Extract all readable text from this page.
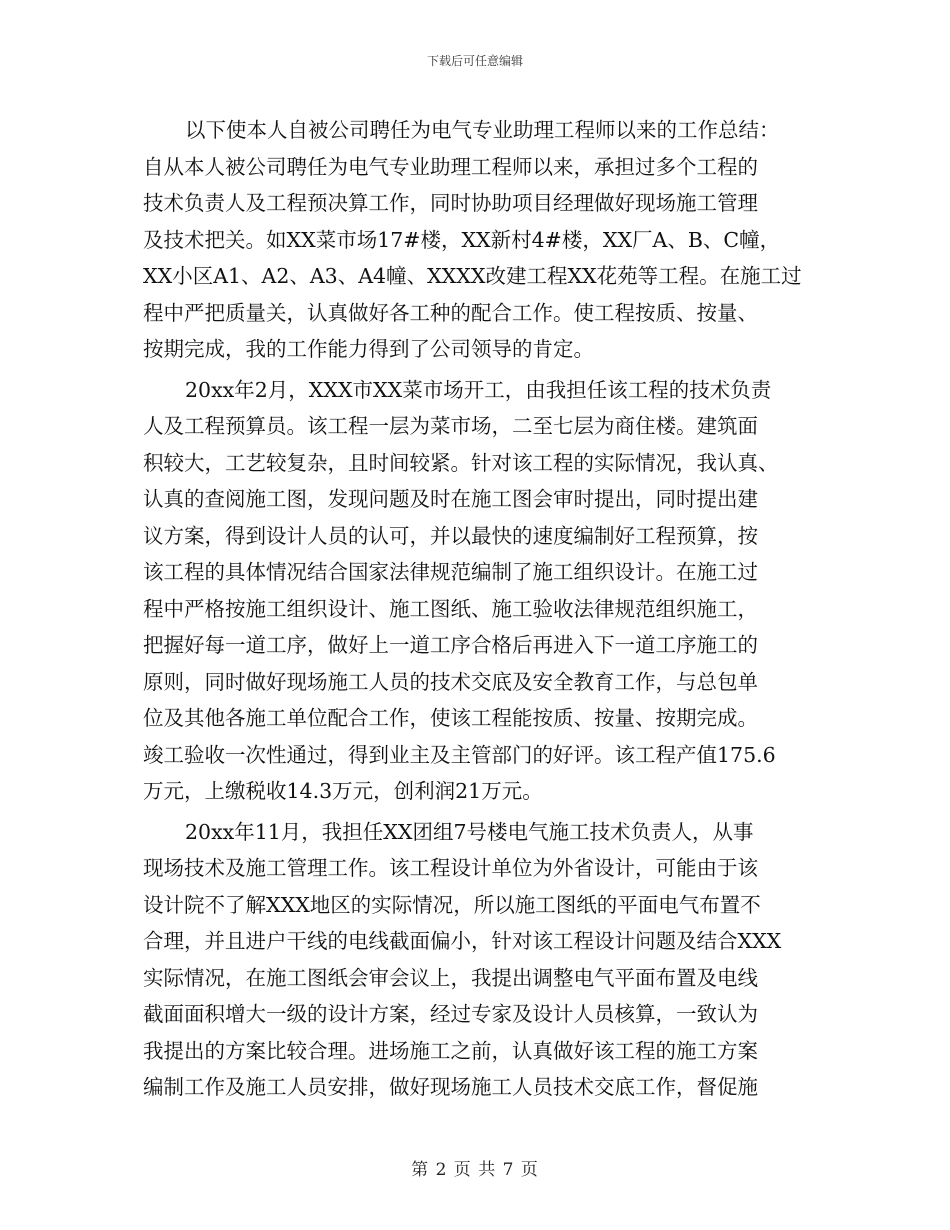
下载后可任意编辑
以下使本人自被公司聘任为电气专业助理工程师以来的工作总结：
自从本人被公司聘任为电气专业助理工程师以来，承担过多个工程的
技术负责人及工程预决算工作，同时协助项目经理做好现场施工管理
及技术把关。如XX菜市场17#楼，XX新村4#楼，XX厂A、B、C幢，
XX小区A1、A2、A3、A4幢、XXXX改建工程XX花苑等工程。在施工过
程中严把质量关，认真做好各工种的配合工作。使工程按质、按量、
按期完成，我的工作能力得到了公司领导的肯定。
20xx年2月，XXX市XX菜市场开工，由我担任该工程的技术负责
人及工程预算员。该工程一层为菜市场，二至七层为商住楼。建筑面
积较大，工艺较复杂，且时间较紧。针对该工程的实际情况，我认真、
认真的查阅施工图，发现问题及时在施工图会审时提出，同时提出建
议方案，得到设计人员的认可，并以最快的速度编制好工程预算，按
该工程的具体情况结合国家法律规范编制了施工组织设计。在施工过
程中严格按施工组织设计、施工图纸、施工验收法律规范组织施工，
把握好每一道工序，做好上一道工序合格后再进入下一道工序施工的
原则，同时做好现场施工人员的技术交底及安全教育工作，与总包单
位及其他各施工单位配合工作，使该工程能按质、按量、按期完成。
竣工验收一次性通过，得到业主及主管部门的好评。该工程产值175.6
万元，上缴税收14.3万元，创利润21万元。
20xx年11月，我担任XX团组7号楼电气施工技术负责人，从事
现场技术及施工管理工作。该工程设计单位为外省设计，可能由于该
设计院不了解XXX地区的实际情况，所以施工图纸的平面电气布置不
合理，并且进户干线的电线截面偏小，针对该工程设计问题及结合XXX
实际情况，在施工图纸会审会议上，我提出调整电气平面布置及电线
截面面积增大一级的设计方案，经过专家及设计人员核算，一致认为
我提出的方案比较合理。进场施工之前，认真做好该工程的施工方案
编制工作及施工人员安排，做好现场施工人员技术交底工作，督促施
第 2 页 共 7 页
